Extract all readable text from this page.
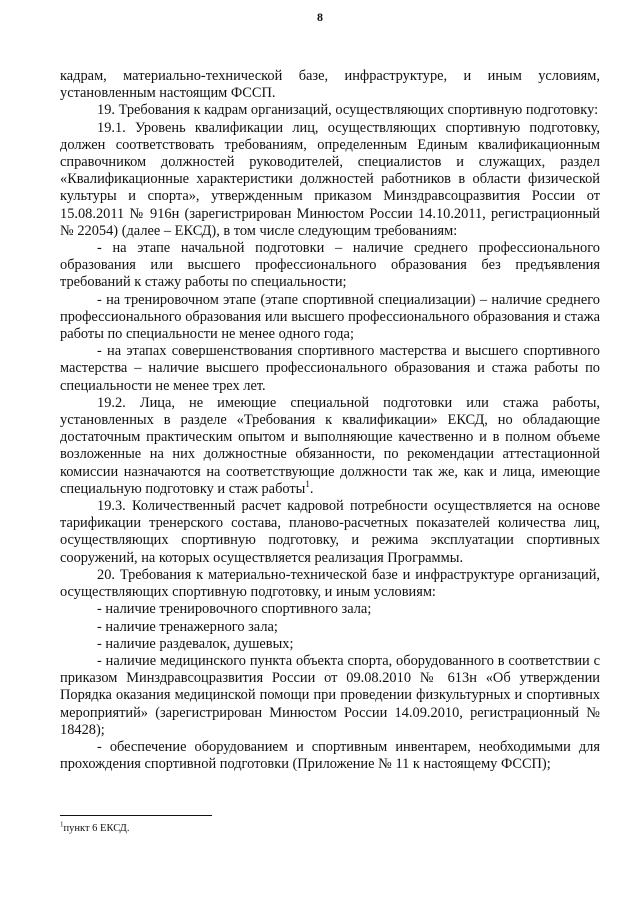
8

кадрам, материально-технической базе, инфраструктуре, и иным условиям, установленным настоящим ФССП.

19. Требования к кадрам организаций, осуществляющих спортивную подготовку:

19.1. Уровень квалификации лиц, осуществляющих спортивную подготовку, должен соответствовать требованиям, определенным Единым квалификационным справочником должностей руководителей, специалистов и служащих, раздел «Квалификационные характеристики должностей работников в области физической культуры и спорта», утвержденным приказом Минздравсоцразвития России от 15.08.2011 № 916н (зарегистрирован Минюстом России 14.10.2011, регистрационный № 22054) (далее – ЕКСД), в том числе следующим требованиям:

- на этапе начальной подготовки – наличие среднего профессионального образования или высшего профессионального образования без предъявления требований к стажу работы по специальности;

- на тренировочном этапе (этапе спортивной специализации) – наличие среднего профессионального образования или высшего профессионального образования и стажа работы по специальности не менее одного года;

- на этапах совершенствования спортивного мастерства и высшего спортивного мастерства – наличие высшего профессионального образования и стажа работы по специальности не менее трех лет.

19.2. Лица, не имеющие специальной подготовки или стажа работы, установленных в разделе «Требования к квалификации» ЕКСД, но обладающие достаточным практическим опытом и выполняющие качественно и в полном объеме возложенные на них должностные обязанности, по рекомендации аттестационной комиссии назначаются на соответствующие должности так же, как и лица, имеющие специальную подготовку и стаж работы$^1$.

19.3. Количественный расчет кадровой потребности осуществляется на основе тарификации тренерского состава, планово-расчетных показателей количества лиц, осуществляющих спортивную подготовку, и режима эксплуатации спортивных сооружений, на которых осуществляется реализация Программы.

20. Требования к материально-технической базе и инфраструктуре организаций, осуществляющих спортивную подготовку, и иным условиям:

- наличие тренировочного спортивного зала;

- наличие тренажерного зала;

- наличие раздевалок, душевых;

- наличие медицинского пункта объекта спорта, оборудованного в соответствии с приказом Минздравсоцразвития России от 09.08.2010 № 613н «Об утверждении Порядка оказания медицинской помощи при проведении физкультурных и спортивных мероприятий» (зарегистрирован Минюстом России 14.09.2010, регистрационный № 18428);

- обеспечение оборудованием и спортивным инвентарем, необходимыми для прохождения спортивной подготовки (Приложение № 11 к настоящему ФССП);

$^1$пункт 6 ЕКСД.
